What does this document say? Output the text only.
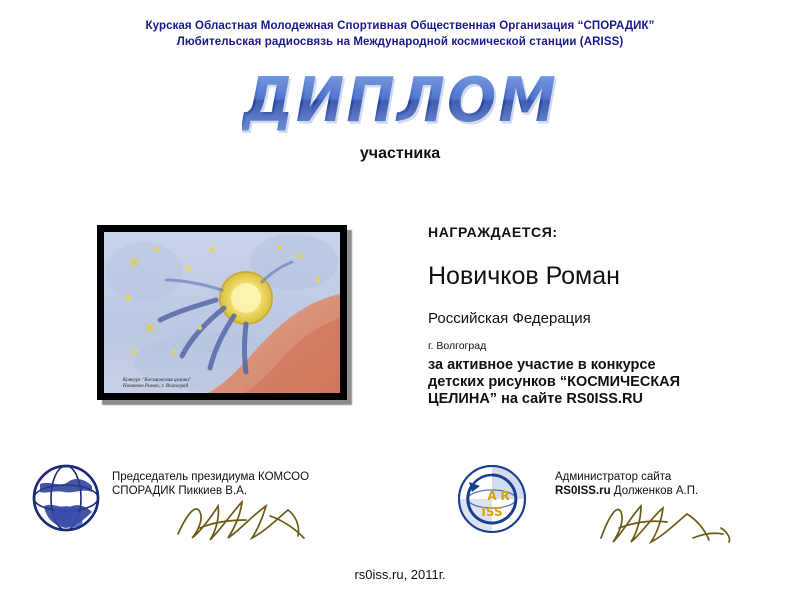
Курская Областная Молодежная Спортивная Общественная Организация “СПОРАДИК”
Любительская радиосвязь на Международной космической станции (ARISS)
ДИПЛОМ
участника
Конкурс "Космическая целина"
Новичков Роман, г. Волгоград
НАГРАЖДАЕТСЯ:
Новичков Роман
Российская Федерация
г. Волгоград
за активное участие в конкурсе
детских рисунков “КОСМИЧЕСКАЯ
ЦЕЛИНА” на сайте RS0ISS.RU
Председатель президиума КОМСОО
СПОРАДИК Пиккиев В.А.	A R
ISS
Администратор сайта
RS0ISS.ru Долженков А.П.
rs0iss.ru, 2011г.
